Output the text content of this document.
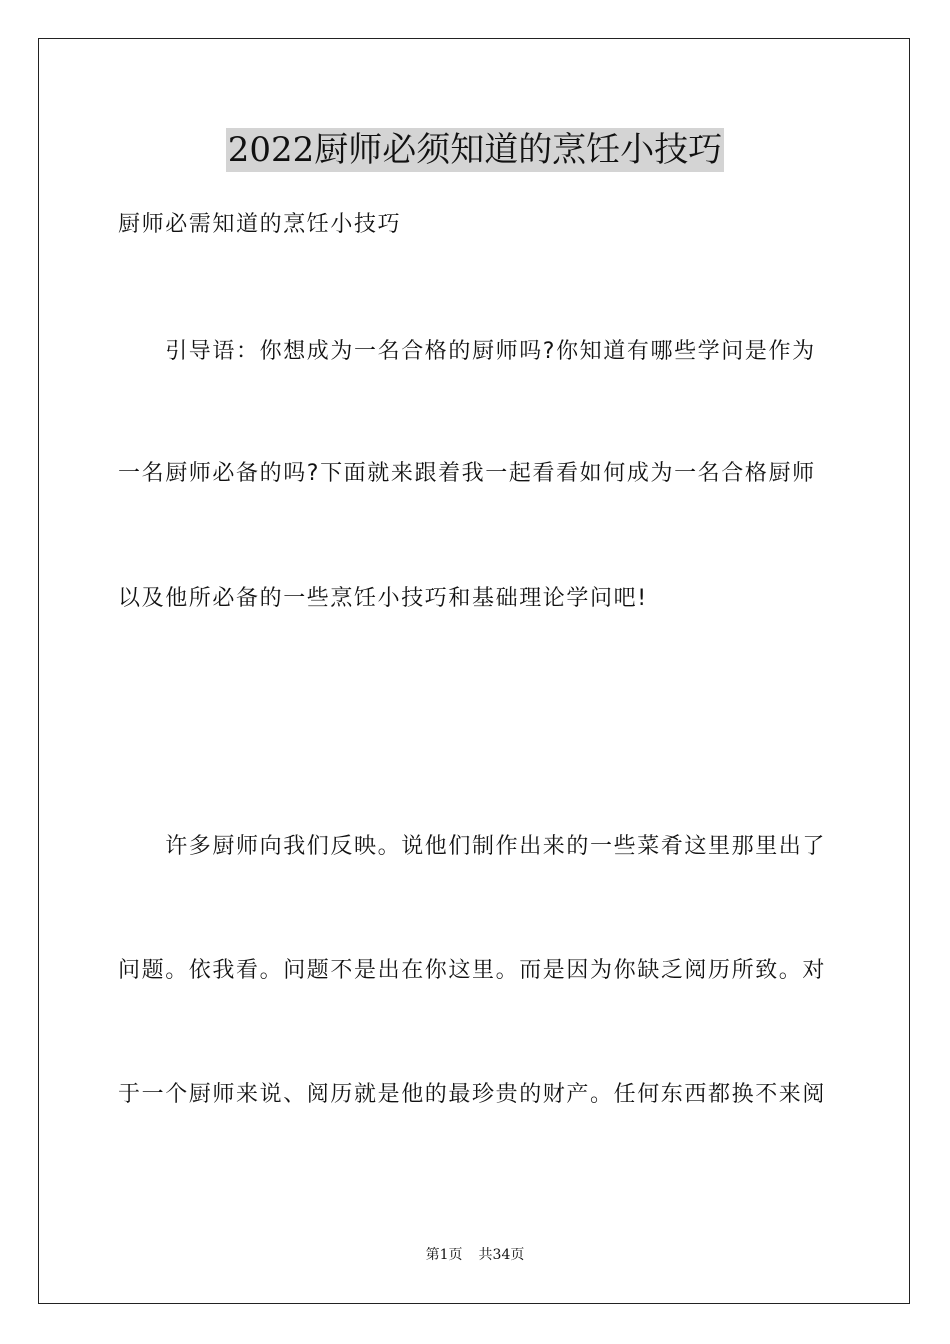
2022厨师必须知道的烹饪小技巧
厨师必需知道的烹饪小技巧
　　引导语：你想成为一名合格的厨师吗?你知道有哪些学问是作为
一名厨师必备的吗?下面就来跟着我一起看看如何成为一名合格厨师
以及他所必备的一些烹饪小技巧和基础理论学问吧!
　　许多厨师向我们反映。说他们制作出来的一些菜肴这里那里出了
问题。依我看。问题不是出在你这里。而是因为你缺乏阅历所致。对
于一个厨师来说、阅历就是他的最珍贵的财产。任何东西都换不来阅
第1页 共34页
